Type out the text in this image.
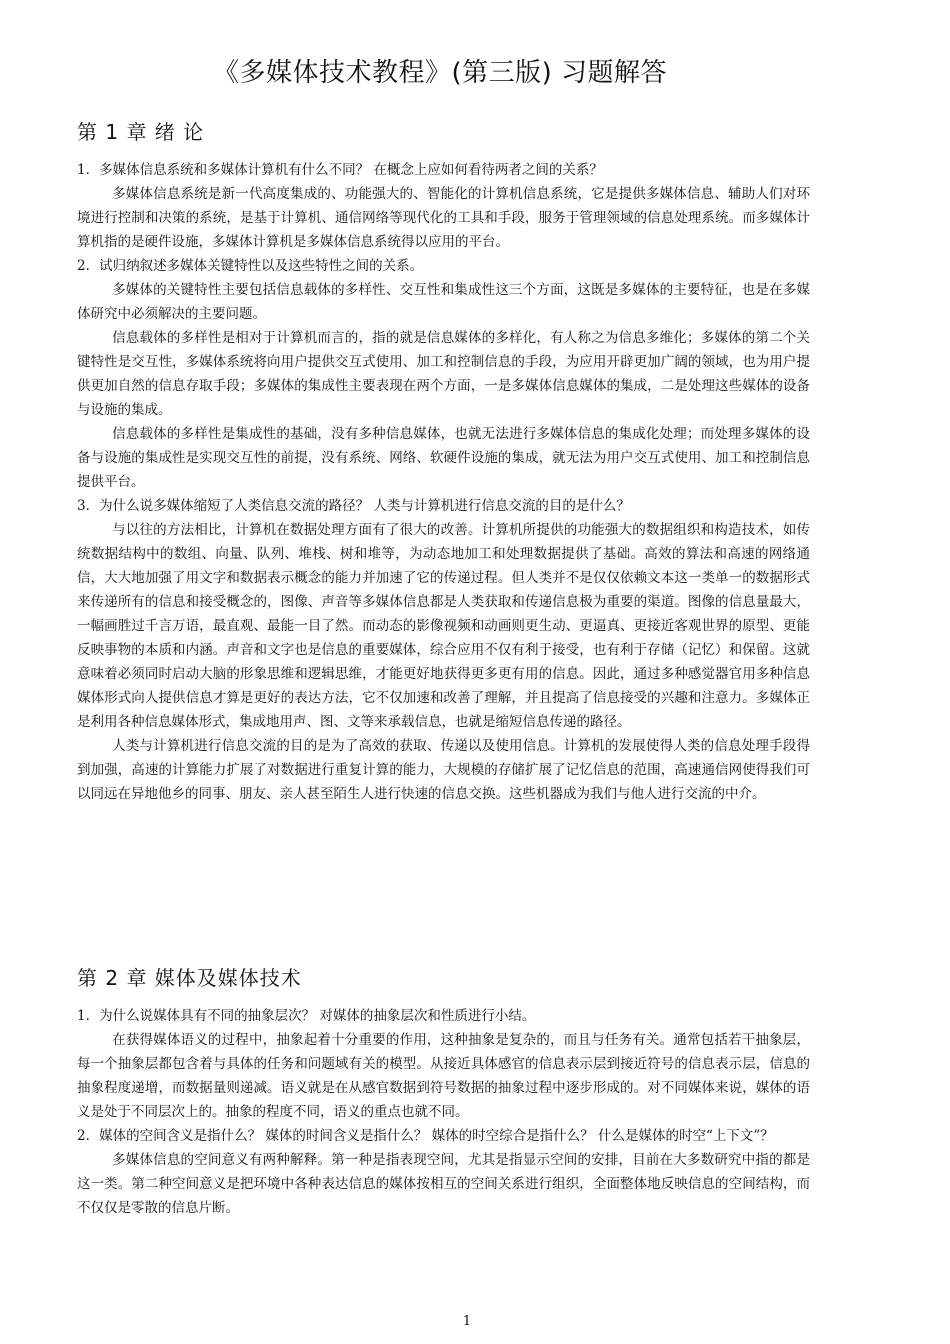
《多媒体技术教程》(第三版) 习题解答
第 1 章 绪 论

1．多媒体信息系统和多媒体计算机有什么不同？ 在概念上应如何看待两者之间的关系？

多媒体信息系统是新一代高度集成的、功能强大的、智能化的计算机信息系统，它是提供多媒体信息、辅助人们对环境进行控制和决策的系统，是基于计算机、通信网络等现代化的工具和手段，服务于管理领域的信息处理系统。而多媒体计算机指的是硬件设施，多媒体计算机是多媒体信息系统得以应用的平台。

2．试归纳叙述多媒体关键特性以及这些特性之间的关系。

多媒体的关键特性主要包括信息载体的多样性、交互性和集成性这三个方面，这既是多媒体的主要特征，也是在多媒体研究中必须解决的主要问题。

信息载体的多样性是相对于计算机而言的，指的就是信息媒体的多样化，有人称之为信息多维化；多媒体的第二个关键特性是交互性，多媒体系统将向用户提供交互式使用、加工和控制信息的手段，为应用开辟更加广阔的领域，也为用户提供更加自然的信息存取手段；多媒体的集成性主要表现在两个方面，一是多媒体信息媒体的集成，二是处理这些媒体的设备与设施的集成。

信息载体的多样性是集成性的基础，没有多种信息媒体，也就无法进行多媒体信息的集成化处理；而处理多媒体的设备与设施的集成性是实现交互性的前提，没有系统、网络、软硬件设施的集成，就无法为用户交互式使用、加工和控制信息提供平台。

3．为什么说多媒体缩短了人类信息交流的路径？ 人类与计算机进行信息交流的目的是什么？

与以往的方法相比，计算机在数据处理方面有了很大的改善。计算机所提供的功能强大的数据组织和构造技术，如传统数据结构中的数组、向量、队列、堆栈、树和堆等，为动态地加工和处理数据提供了基础。高效的算法和高速的网络通信，大大地加强了用文字和数据表示概念的能力并加速了它的传递过程。但人类并不是仅仅依赖文本这一类单一的数据形式来传递所有的信息和接受概念的，图像、声音等多媒体信息都是人类获取和传递信息极为重要的渠道。图像的信息量最大，一幅画胜过千言万语，最直观、最能一目了然。而动态的影像视频和动画则更生动、更逼真、更接近客观世界的原型、更能反映事物的本质和内涵。声音和文字也是信息的重要媒体，综合应用不仅有利于接受，也有利于存储（记忆）和保留。这就意味着必须同时启动大脑的形象思维和逻辑思维，才能更好地获得更多更有用的信息。因此，通过多种感觉器官用多种信息媒体形式向人提供信息才算是更好的表达方法，它不仅加速和改善了理解，并且提高了信息接受的兴趣和注意力。多媒体正是利用各种信息媒体形式，集成地用声、图、文等来承载信息，也就是缩短信息传递的路径。

人类与计算机进行信息交流的目的是为了高效的获取、传递以及使用信息。计算机的发展使得人类的信息处理手段得到加强，高速的计算能力扩展了对数据进行重复计算的能力，大规模的存储扩展了记忆信息的范围，高速通信网使得我们可以同远在异地他乡的同事、朋友、亲人甚至陌生人进行快速的信息交换。这些机器成为我们与他人进行交流的中介。

第 2 章 媒体及媒体技术

1．为什么说媒体具有不同的抽象层次？ 对媒体的抽象层次和性质进行小结。

在获得媒体语义的过程中，抽象起着十分重要的作用，这种抽象是复杂的，而且与任务有关。通常包括若干抽象层，每一个抽象层都包含着与具体的任务和问题域有关的模型。从接近具体感官的信息表示层到接近符号的信息表示层，信息的抽象程度递增，而数据量则递减。语义就是在从感官数据到符号数据的抽象过程中逐步形成的。对不同媒体来说，媒体的语义是处于不同层次上的。抽象的程度不同，语义的重点也就不同。

2．媒体的空间含义是指什么？ 媒体的时间含义是指什么？ 媒体的时空综合是指什么？ 什么是媒体的时空“上下文”？

多媒体信息的空间意义有两种解释。第一种是指表现空间，尤其是指显示空间的安排，目前在大多数研究中指的都是这一类。第二种空间意义是把环境中各种表达信息的媒体按相互的空间关系进行组织，全面整体地反映信息的空间结构，而不仅仅是零散的信息片断。

1
